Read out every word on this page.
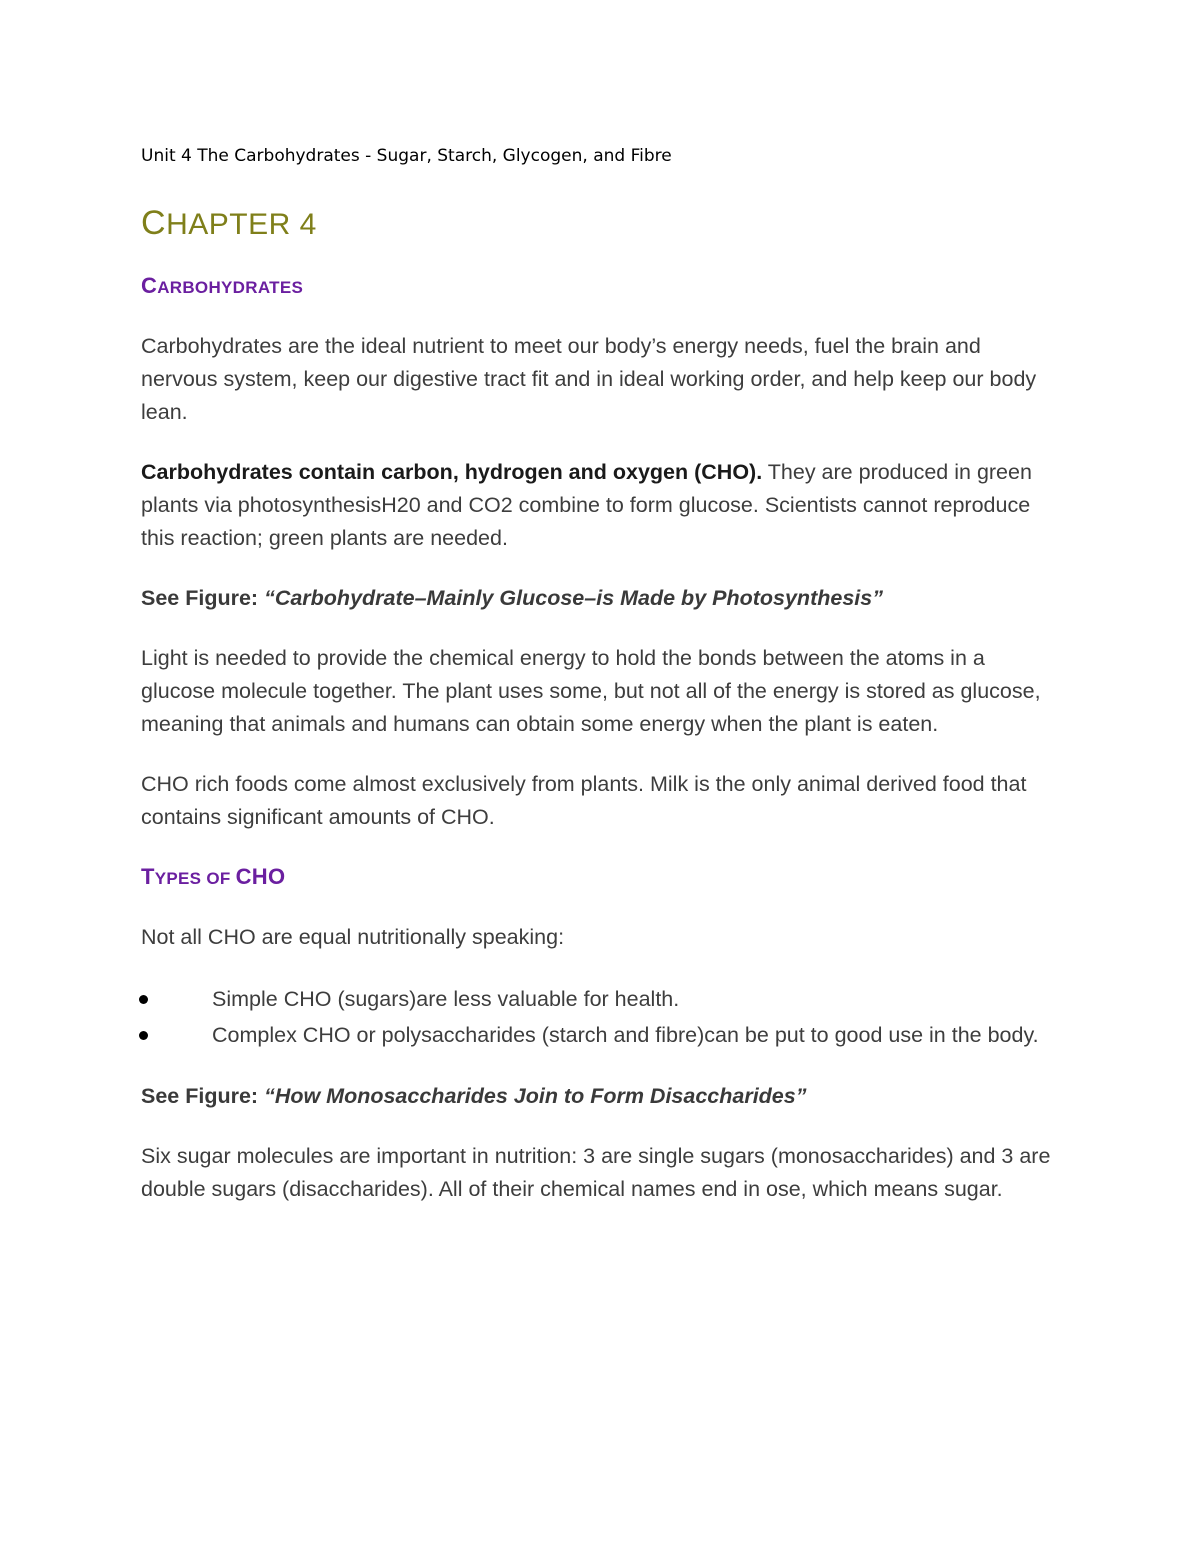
Unit 4 The Carbohydrates - Sugar, Starch, Glycogen, and Fibre

CHAPTER 4
CARBOHYDRATES

Carbohydrates are the ideal nutrient to meet our body’s energy needs, fuel the brain and nervous system, keep our digestive tract fit and in ideal working order, and help keep our body lean.

Carbohydrates contain carbon, hydrogen and oxygen (CHO). They are produced in green plants via photosynthesisH20 and CO2 combine to form glucose. Scientists cannot reproduce this reaction; green plants are needed.

See Figure: “Carbohydrate–Mainly Glucose–is Made by Photosynthesis”

Light is needed to provide the chemical energy to hold the bonds between the atoms in a glucose molecule together. The plant uses some, but not all of the energy is stored as glucose, meaning that animals and humans can obtain some energy when the plant is eaten.

CHO rich foods come almost exclusively from plants. Milk is the only animal derived food that contains significant amounts of CHO.

TYPES OF CHO

Not all CHO are equal nutritionally speaking:

Simple CHO (sugars)are less valuable for health.
Complex CHO or polysaccharides (starch and fibre)can be put to good use in the body.

See Figure: “How Monosaccharides Join to Form Disaccharides”

Six sugar molecules are important in nutrition: 3 are single sugars (monosaccharides) and 3 are double sugars (disaccharides). All of their chemical names end in ose, which means sugar.
